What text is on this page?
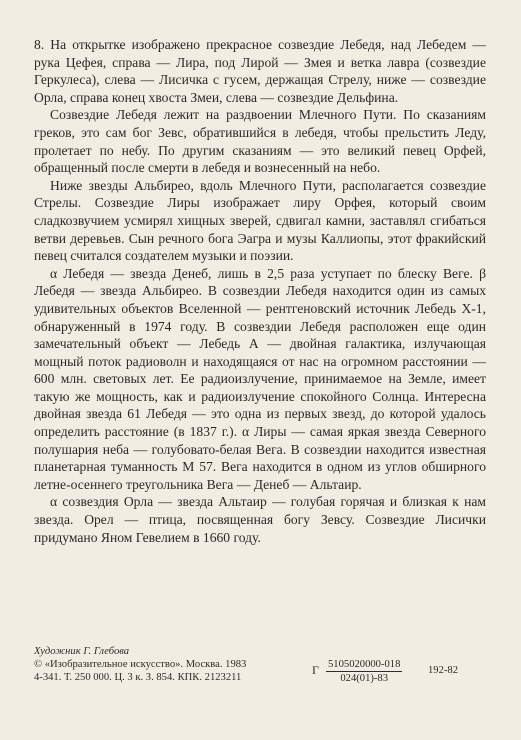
8. На открытке изображено прекрасное созвездие Лебедя, над Лебедем — рука Цефея, справа — Лира, под Лирой — Змея и ветка лавра (созвездие Геркулеса), слева — Лисичка с гусем, держащая Стрелу, ниже — созвездие Орла, справа конец хвоста Змеи, слева — созвездие Дельфина.

Созвездие Лебедя лежит на раздвоении Млечного Пути. По сказаниям греков, это сам бог Зевс, обратившийся в лебедя, чтобы прельстить Леду, пролетает по небу. По другим сказаниям — это великий певец Орфей, обращенный после смерти в лебедя и вознесенный на небо.

Ниже звезды Альбирео, вдоль Млечного Пути, располагается созвездие Стрелы. Созвездие Лиры изображает лиру Орфея, который своим сладкозвучием усмирял хищных зверей, сдвигал камни, заставлял сгибаться ветви деревьев. Сын речного бога Эагра и музы Каллиопы, этот фракийский певец считался создателем музыки и поэзии.

α Лебедя — звезда Денеб, лишь в 2,5 раза уступает по блеску Веге. β Лебедя — звезда Альбирео. В созвездии Лебедя находится один из самых удивительных объектов Вселенной — рентгеновский источник Лебедь X-1, обнаруженный в 1974 году. В созвездии Лебедя расположен еще один замечательный объект — Лебедь А — двойная галактика, излучающая мощный поток радиоволн и находящаяся от нас на огромном расстоянии — 600 млн. световых лет. Ее радиоизлучение, принимаемое на Земле, имеет такую же мощность, как и радиоизлучение спокойного Солнца. Интересна двойная звезда 61 Лебедя — это одна из первых звезд, до которой удалось определить расстояние (в 1837 г.). α Лиры — самая яркая звезда Северного полушария неба — голубовато-белая Вега. В созвездии находится известная планетарная туманность М 57. Вега находится в одном из углов обширного летне-осеннего треугольника Вега — Денеб — Альтаир.

α созвездия Орла — звезда Альтаир — голубая горячая и близкая к нам звезда. Орел — птица, посвященная богу Зевсу. Созвездие Лисички придумано Яном Гевелием в 1660 году.

Художник Г. Глебова
© «Изобразительное искусство». Москва. 1983
4-341. Т. 250 000. Ц. 3 к. З. 854. КПК. 2123211
Г $\frac{5105020000-018}{024(01)-83} 192-82$
